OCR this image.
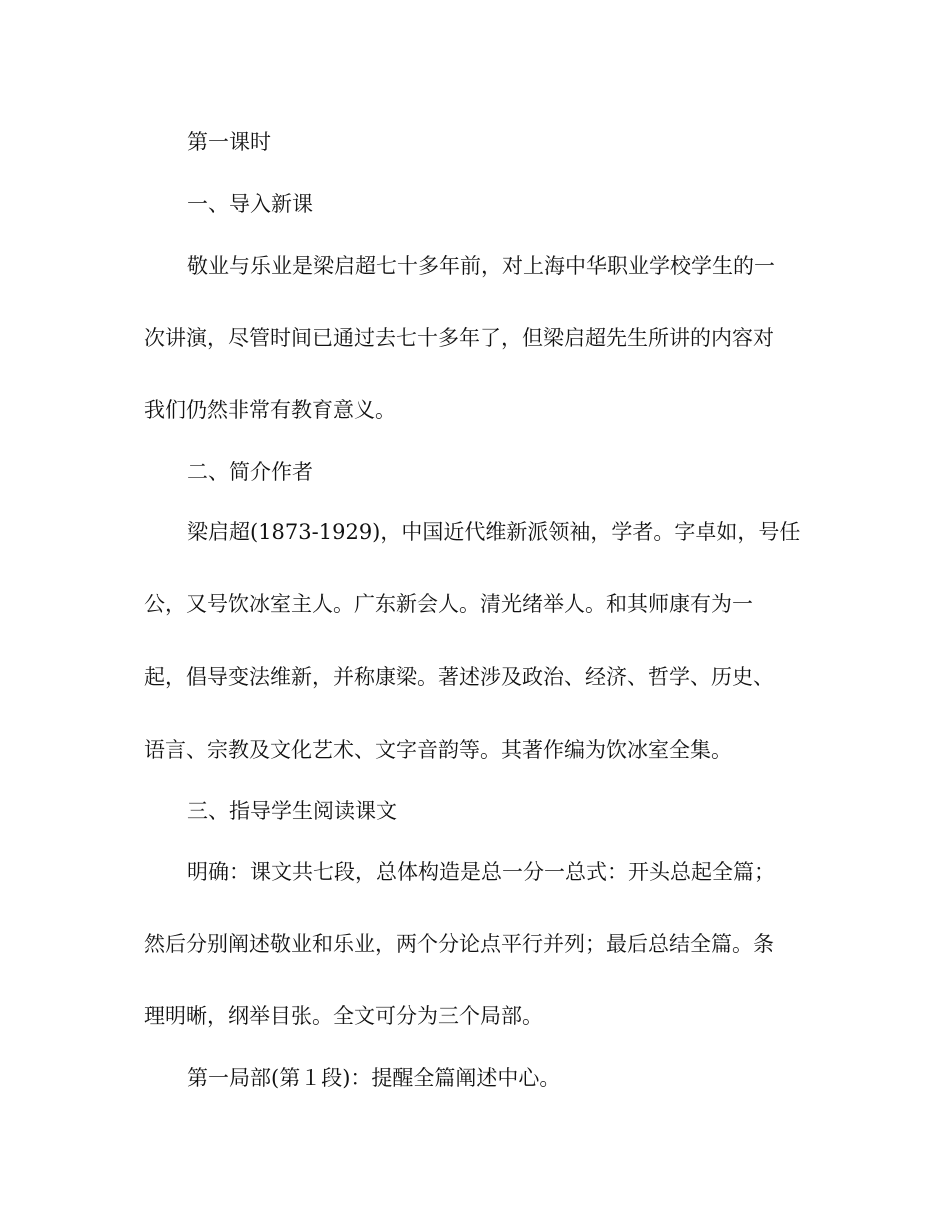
第一课时

一、导入新课

敬业与乐业是梁启超七十多年前，对上海中华职业学校学生的一

次讲演，尽管时间已通过去七十多年了，但梁启超先生所讲的内容对

我们仍然非常有教育意义。

二、简介作者

梁启超(1873-1929)，中国近代维新派领袖，学者。字卓如，号任

公，又号饮冰室主人。广东新会人。清光绪举人。和其师康有为一

起，倡导变法维新，并称康梁。著述涉及政治、经济、哲学、历史、

语言、宗教及文化艺术、文字音韵等。其著作编为饮冰室全集。

三、指导学生阅读课文

明确：课文共七段，总体构造是总一分一总式：开头总起全篇；

然后分别阐述敬业和乐业，两个分论点平行并列；最后总结全篇。条

理明晰，纲举目张。全文可分为三个局部。

第一局部(第１段)：提醒全篇阐述中心。
